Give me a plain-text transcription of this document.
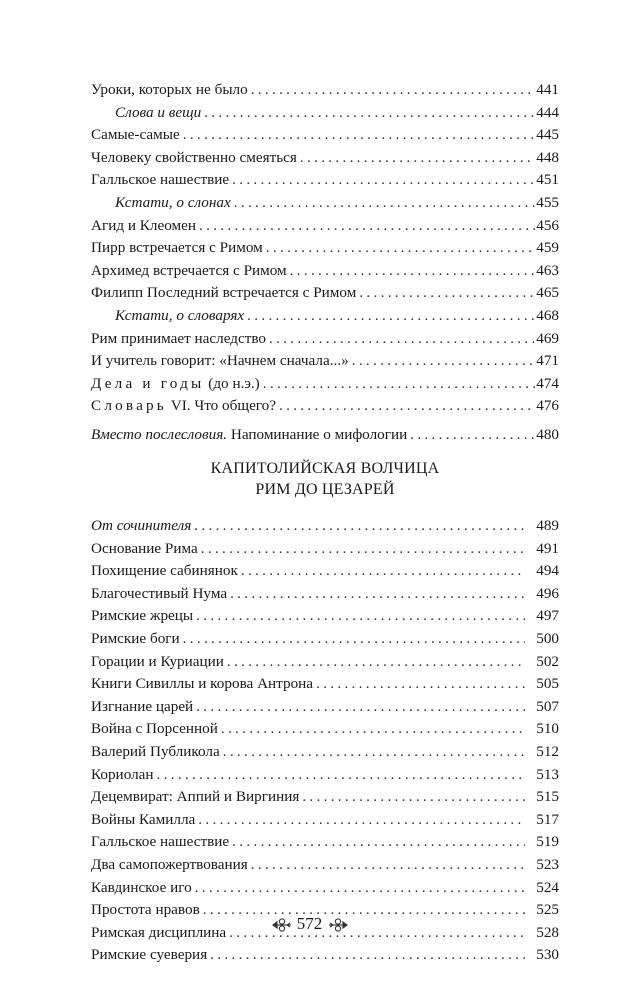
Уроки, которых не было . . .	441
Слова и вещи . . .	444
Самые-самые . . .	445
Человеку свойственно смеяться . . .	448
Галльское нашествие . . .	451
Кстати, о слонах . . .	455
Агид и Клеомен . . .	456
Пирр встречается с Римом . . .	459
Архимед встречается с Римом . . .	463
Филипп Последний встречается с Римом . . .	465
Кстати, о словарях . . .	468
Рим принимает наследство . . .	469
И учитель говорит: «Начнем сначала...» . . .	471
Дела и годы (до н.э.) . . .	474
Словарь VI. Что общего? . . .	476
Вместо послесловия. Напоминание о мифологии . . .	480
КАПИТОЛИЙСКАЯ ВОЛЧИЦА
РИМ ДО ЦЕЗАРЕЙ
От сочинителя . . .	489
Основание Рима . . .	491
Похищение сабинянок . . .	494
Благочестивый Нума . . .	496
Римские жрецы . . .	497
Римские боги . . .	500
Горации и Куриации . . .	502
Книги Сивиллы и корова Антрона . . .	505
Изгнание царей . . .	507
Война с Порсенной . . .	510
Валерий Публикола . . .	512
Кориолан . . .	513
Децемвират: Аппий и Виргиния . . .	515
Войны Камилла . . .	517
Галльское нашествие . . .	519
Два самопожертвования . . .	523
Кавдинское иго . . .	524
Простота нравов . . .	525
Римская дисциплина . . .	528
Римские суеверия . . .	530
572
